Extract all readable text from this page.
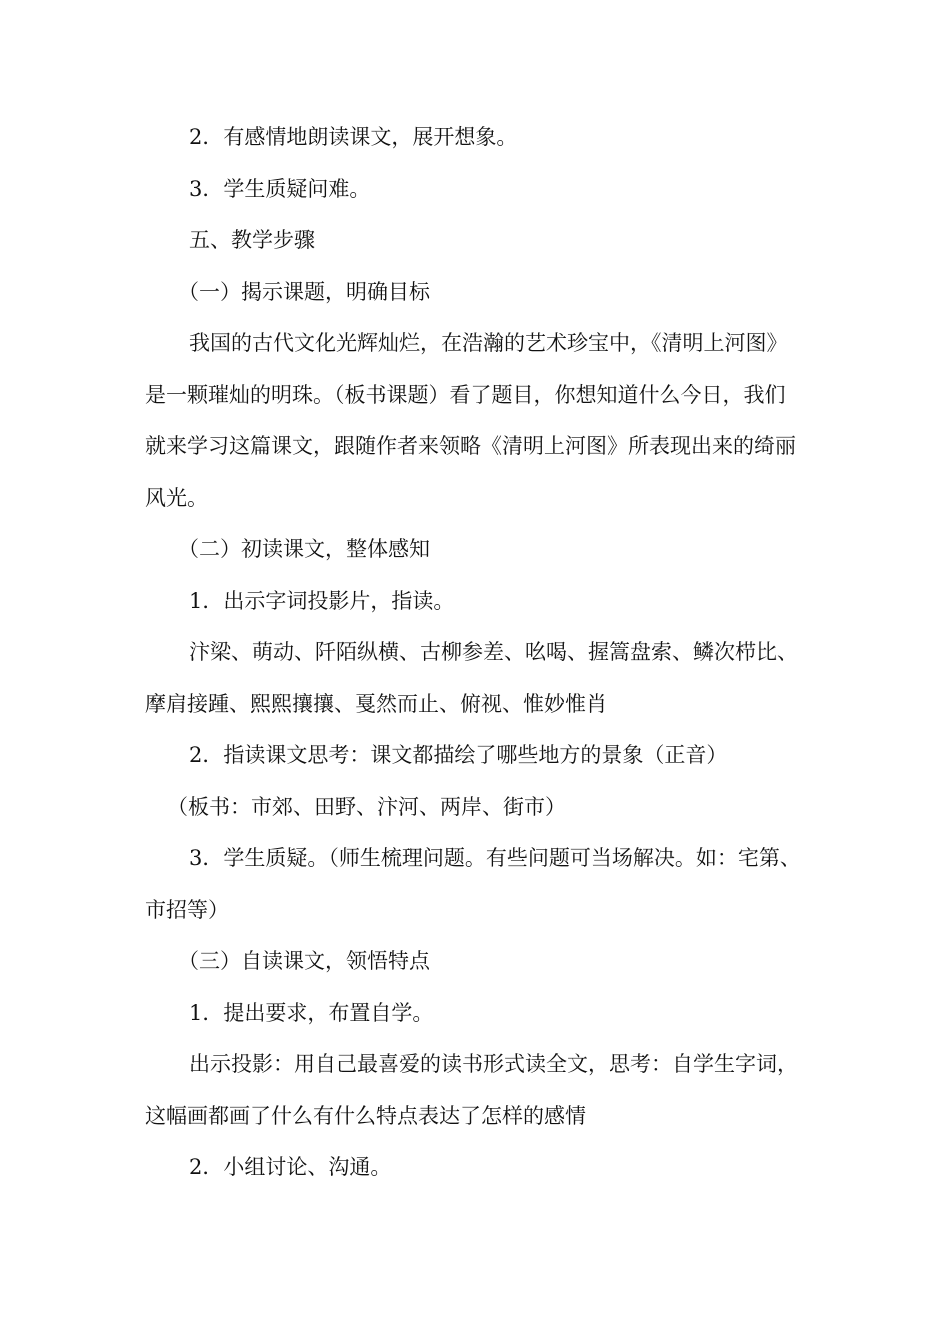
2．有感情地朗读课文，展开想象。

3．学生质疑问难。

五、教学步骤

（一）揭示课题，明确目标

我国的古代文化光辉灿烂，在浩瀚的艺术珍宝中，《清明上河图》是一颗璀灿的明珠。（板书课题）看了题目，你想知道什么今日，我们就来学习这篇课文，跟随作者来领略《清明上河图》所表现出来的绮丽风光。

（二）初读课文，整体感知

1．出示字词投影片，指读。

汴梁、萌动、阡陌纵横、古柳参差、吆喝、握篙盘索、鳞次栉比、摩肩接踵、熙熙攘攘、戛然而止、俯视、惟妙惟肖

2．指读课文思考：课文都描绘了哪些地方的景象（正音）

（板书：市郊、田野、汴河、两岸、街市）

3．学生质疑。（师生梳理问题。有些问题可当场解决。如：宅第、市招等）

（三）自读课文，领悟特点

1．提出要求，布置自学。

出示投影：用自己最喜爱的读书形式读全文，思考：自学生字词，这幅画都画了什么有什么特点表达了怎样的感情

2．小组讨论、沟通。
